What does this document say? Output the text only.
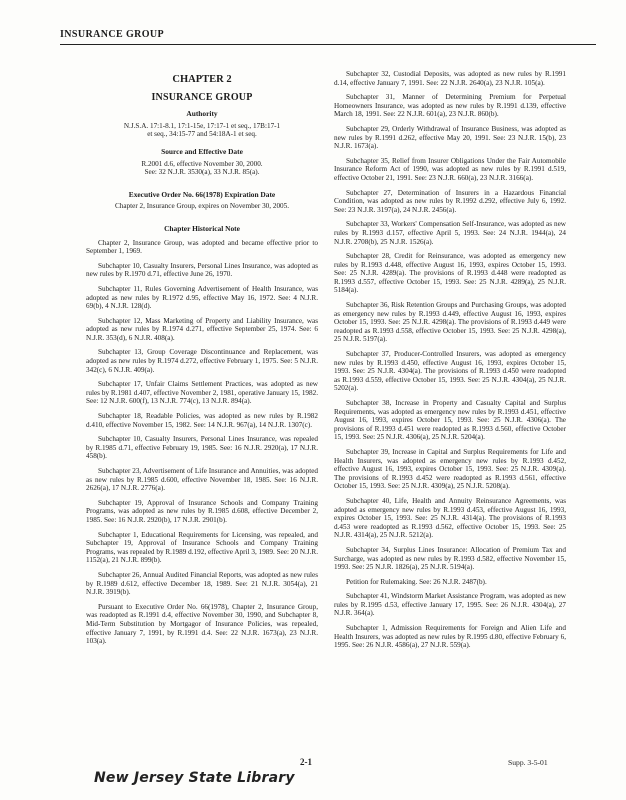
INSURANCE GROUP
CHAPTER 2
INSURANCE GROUP
Authority
N.J.S.A. 17:1-8.1, 17:1-15e, 17:17-1 et seq., 17B:17-1
et seq., 34:15-77 and 54:18A-1 et seq.
Source and Effective Date
R.2001 d.6, effective November 30, 2000.
See: 32 N.J.R. 3530(a), 33 N.J.R. 85(a).
Executive Order No. 66(1978) Expiration Date
Chapter 2, Insurance Group, expires on November 30, 2005.
Chapter Historical Note

Chapter 2, Insurance Group, was adopted and became effective prior to September 1, 1969.

Subchapter 10, Casualty Insurers, Personal Lines Insurance, was adopted as new rules by R.1970 d.71, effective June 26, 1970.

Subchapter 11, Rules Governing Advertisement of Health Insurance, was adopted as new rules by R.1972 d.95, effective May 16, 1972. See: 4 N.J.R. 69(b), 4 N.J.R. 128(d).

Subchapter 12, Mass Marketing of Property and Liability Insurance, was adopted as new rules by R.1974 d.271, effective September 25, 1974. See: 6 N.J.R. 353(d), 6 N.J.R. 408(a).

Subchapter 13, Group Coverage Discontinuance and Replacement, was adopted as new rules by R.1974 d.272, effective February 1, 1975. See: 5 N.J.R. 342(c), 6 N.J.R. 409(a).

Subchapter 17, Unfair Claims Settlement Practices, was adopted as new rules by R.1981 d.407, effective November 2, 1981, operative January 15, 1982. See: 12 N.J.R. 600(f), 13 N.J.R. 774(c), 13 N.J.R. 894(a).

Subchapter 18, Readable Policies, was adopted as new rules by R.1982 d.410, effective November 15, 1982. See: 14 N.J.R. 967(a), 14 N.J.R. 1307(c).

Subchapter 10, Casualty Insurers, Personal Lines Insurance, was repealed by R.1985 d.71, effective February 19, 1985. See: 16 N.J.R. 2920(a), 17 N.J.R. 458(b).

Subchapter 23, Advertisement of Life Insurance and Annuities, was adopted as new rules by R.1985 d.600, effective November 18, 1985. See: 16 N.J.R. 2626(a), 17 N.J.R. 2776(a).

Subchapter 19, Approval of Insurance Schools and Company Training Programs, was adopted as new rules by R.1985 d.608, effective December 2, 1985. See: 16 N.J.R. 2920(b), 17 N.J.R. 2901(b).

Subchapter 1, Educational Requirements for Licensing, was repealed, and Subchapter 19, Approval of Insurance Schools and Company Training Programs, was repealed by R.1989 d.192, effective April 3, 1989. See: 20 N.J.R. 1152(a), 21 N.J.R. 899(b).

Subchapter 26, Annual Audited Financial Reports, was adopted as new rules by R.1989 d.612, effective December 18, 1989. See: 21 N.J.R. 3054(a), 21 N.J.R. 3919(b).

Pursuant to Executive Order No. 66(1978), Chapter 2, Insurance Group, was readopted as R.1991 d.4, effective November 30, 1990, and Subchapter 8, Mid-Term Substitution by Mortgagor of Insurance Policies, was repealed, effective January 7, 1991, by R.1991 d.4. See: 22 N.J.R. 1673(a), 23 N.J.R. 103(a).

Subchapter 32, Custodial Deposits, was adopted as new rules by R.1991 d.14, effective January 7, 1991. See: 22 N.J.R. 2640(a), 23 N.J.R. 105(a).

Subchapter 31, Manner of Determining Premium for Perpetual Homeowners Insurance, was adopted as new rules by R.1991 d.139, effective March 18, 1991. See: 22 N.J.R. 601(a), 23 N.J.R. 860(b).

Subchapter 29, Orderly Withdrawal of Insurance Business, was adopted as new rules by R.1991 d.262, effective May 20, 1991. See: 23 N.J.R. 15(b), 23 N.J.R. 1673(a).

Subchapter 35, Relief from Insurer Obligations Under the Fair Automobile Insurance Reform Act of 1990, was adopted as new rules by R.1991 d.519, effective October 21, 1991. See: 23 N.J.R. 660(a), 23 N.J.R. 3166(a).

Subchapter 27, Determination of Insurers in a Hazardous Financial Condition, was adopted as new rules by R.1992 d.292, effective July 6, 1992. See: 23 N.J.R. 3197(a), 24 N.J.R. 2456(a).

Subchapter 33, Workers' Compensation Self-Insurance, was adopted as new rules by R.1993 d.157, effective April 5, 1993. See: 24 N.J.R. 1944(a), 24 N.J.R. 2708(b), 25 N.J.R. 1526(a).

Subchapter 28, Credit for Reinsurance, was adopted as emergency new rules by R.1993 d.448, effective August 16, 1993, expires October 15, 1993. See: 25 N.J.R. 4289(a). The provisions of R.1993 d.448 were readopted as R.1993 d.557, effective October 15, 1993. See: 25 N.J.R. 4289(a), 25 N.J.R. 5184(a).

Subchapter 36, Risk Retention Groups and Purchasing Groups, was adopted as emergency new rules by R.1993 d.449, effective August 16, 1993, expires October 15, 1993. See: 25 N.J.R. 4298(a). The provisions of R.1993 d.449 were readopted as R.1993 d.558, effective October 15, 1993. See: 25 N.J.R. 4298(a), 25 N.J.R. 5197(a).

Subchapter 37, Producer-Controlled Insurers, was adopted as emergency new rules by R.1993 d.450, effective August 16, 1993, expires October 15, 1993. See: 25 N.J.R. 4304(a). The provisions of R.1993 d.450 were readopted as R.1993 d.559, effective October 15, 1993. See: 25 N.J.R. 4304(a), 25 N.J.R. 5202(a).

Subchapter 38, Increase in Property and Casualty Capital and Surplus Requirements, was adopted as emergency new rules by R.1993 d.451, effective August 16, 1993, expires October 15, 1993. See: 25 N.J.R. 4306(a). The provisions of R.1993 d.451 were readopted as R.1993 d.560, effective October 15, 1993. See: 25 N.J.R. 4306(a), 25 N.J.R. 5204(a).

Subchapter 39, Increase in Capital and Surplus Requirements for Life and Health Insurers, was adopted as emergency new rules by R.1993 d.452, effective August 16, 1993, expires October 15, 1993. See: 25 N.J.R. 4309(a). The provisions of R.1993 d.452 were readopted as R.1993 d.561, effective October 15, 1993. See: 25 N.J.R. 4309(a), 25 N.J.R. 5208(a).

Subchapter 40, Life, Health and Annuity Reinsurance Agreements, was adopted as emergency new rules by R.1993 d.453, effective August 16, 1993, expires October 15, 1993. See: 25 N.J.R. 4314(a). The provisions of R.1993 d.453 were readopted as R.1993 d.562, effective October 15, 1993. See: 25 N.J.R. 4314(a), 25 N.J.R. 5212(a).

Subchapter 34, Surplus Lines Insurance: Allocation of Premium Tax and Surcharge, was adopted as new rules by R.1993 d.582, effective November 15, 1993. See: 25 N.J.R. 1826(a), 25 N.J.R. 5194(a).

Petition for Rulemaking. See: 26 N.J.R. 2487(b).

Subchapter 41, Windstorm Market Assistance Program, was adopted as new rules by R.1995 d.53, effective January 17, 1995. See: 26 N.J.R. 4304(a), 27 N.J.R. 364(a).

Subchapter 1, Admission Requirements for Foreign and Alien Life and Health Insurers, was adopted as new rules by R.1995 d.80, effective February 6, 1995. See: 26 N.J.R. 4586(a), 27 N.J.R. 559(a).

New Jersey State Library
2-1	Supp. 3-5-01
